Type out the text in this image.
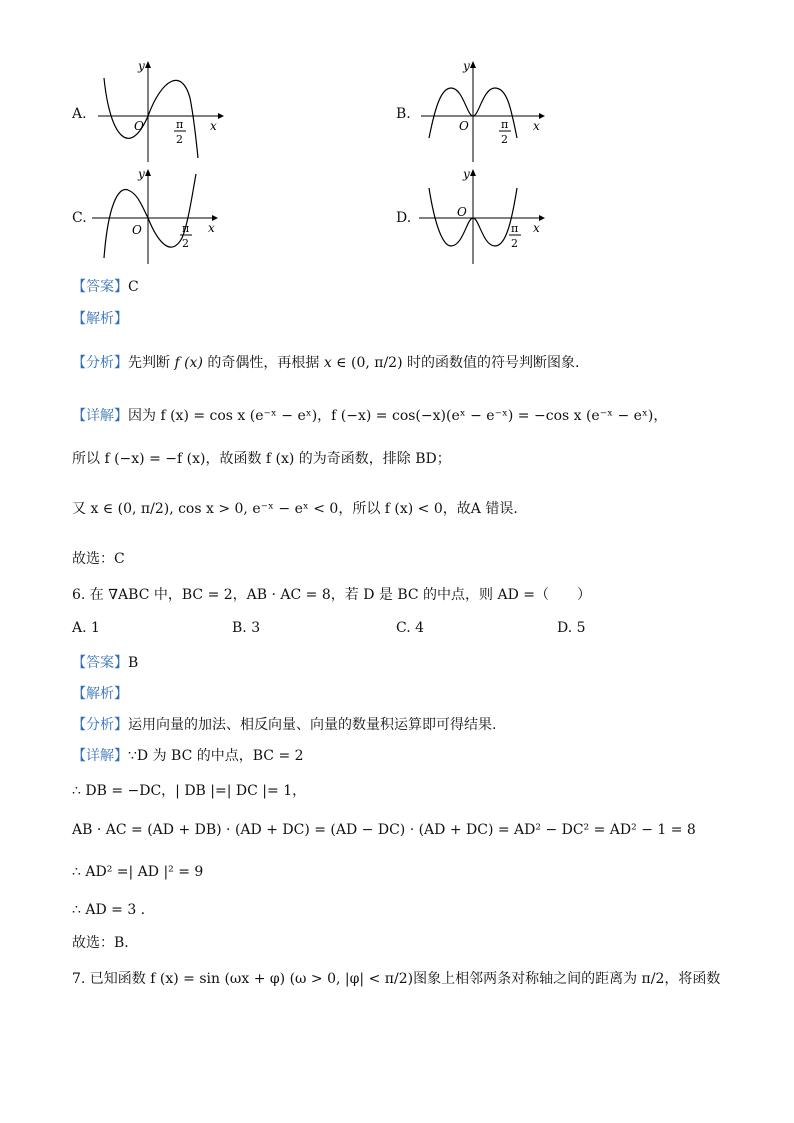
A.
y
x
O	π
2
B.
y
x
O	π
2
C.
y
x
O	π
2
D.
y
x
O
π
2
【答案】C
【解析】
【分析】先判断 f (x) 的奇偶性，再根据 x ∈ (0, π/2) 时的函数值的符号判断图象.
【详解】因为 f (x) = cos x (e⁻ˣ − eˣ)，f (−x) = cos(−x)(eˣ − e⁻ˣ) = −cos x (e⁻ˣ − eˣ)，
所以 f (−x) = −f (x)，故函数 f (x) 的为奇函数，排除 BD；
又 x ∈ (0, π/2), cos x > 0, e⁻ˣ − eˣ < 0，所以 f (x) < 0，故A 错误.
故选：C
6. 在 ∇ABC 中，BC = 2，AB · AC = 8，若 D 是 BC 的中点，则 AD =（　　）
A. 1	B. 3	C. 4	D. 5
【答案】B
【解析】
【分析】运用向量的加法、相反向量、向量的数量积运算即可得结果.
【详解】∵D 为 BC 的中点，BC = 2
∴ DB = −DC，| DB |=| DC |= 1，
AB · AC = (AD + DB) · (AD + DC) = (AD − DC) · (AD + DC) = AD² − DC² = AD² − 1 = 8
∴ AD² =| AD |² = 9
∴ AD = 3 .
故选：B.
7. 已知函数 f (x) = sin (ωx + φ) (ω > 0, |φ| < π/2)图象上相邻两条对称轴之间的距离为 π/2，将函数
